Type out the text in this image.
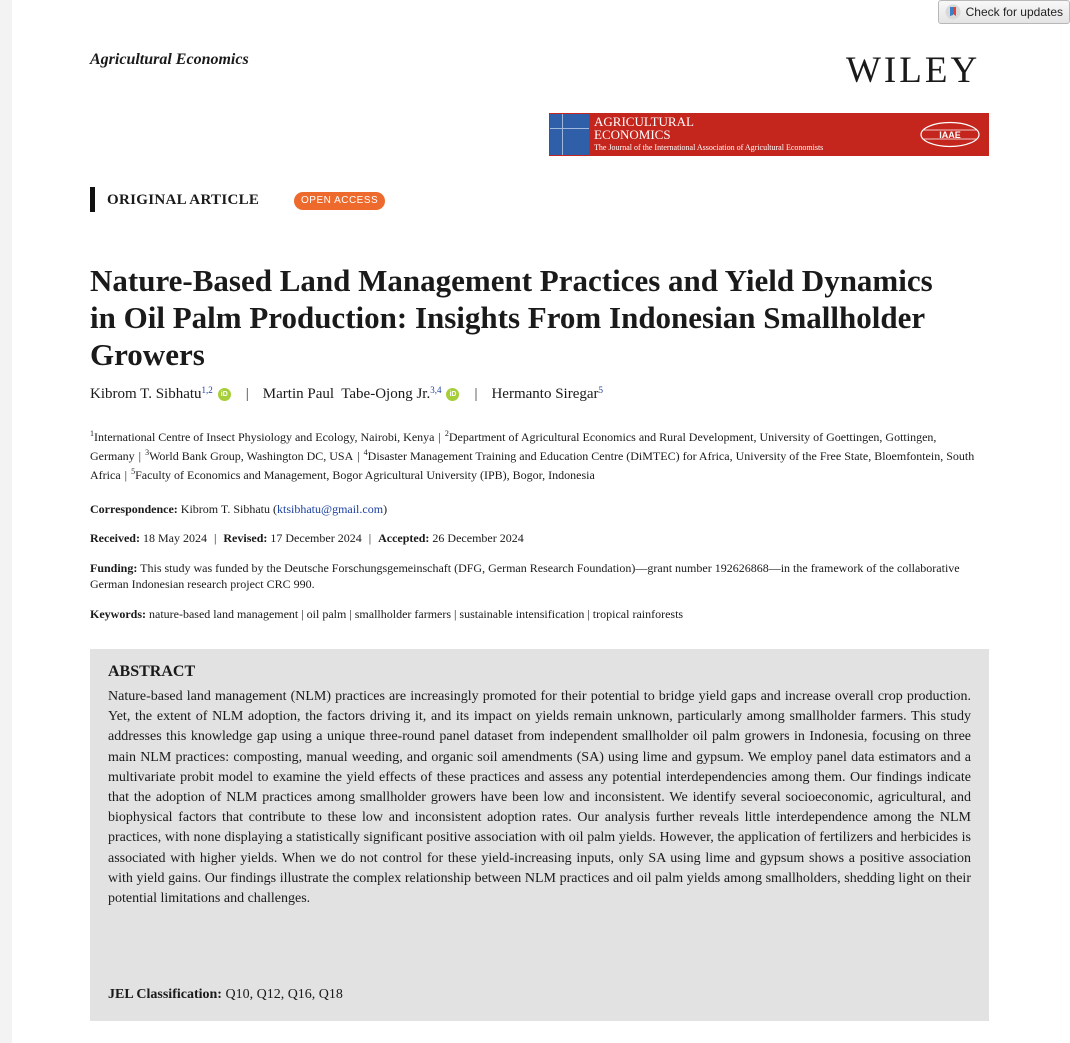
Check for updates
Agricultural Economics	WILEY
AGRICULTURAL
ECONOMICS
The Journal of the International Association of Agricultural Economists
IAAE
ORIGINAL ARTICLE	OPEN ACCESS
Nature-Based Land Management Practices and Yield Dynamics in Oil Palm Production: Insights From Indonesian Smallholder Growers
Kibrom T. Sibhatu$^{1,2}$	iD | Martin Paul  Tabe-Ojong Jr.$^{3,4}$	iD | Hermanto Siregar$^5$
$^1$International Centre of Insect Physiology and Ecology, Nairobi, Kenya | $^2$Department of Agricultural Economics and Rural Development, University of Goettingen, Gottingen, Germany | $^3$World Bank Group, Washington DC, USA | $^4$Disaster Management Training and Education Centre (DiMTEC) for Africa, University of the Free State, Bloemfontein, South Africa | $^5$Faculty of Economics and Management, Bogor Agricultural University (IPB), Bogor, Indonesia
Correspondence: Kibrom T. Sibhatu (ktsibhatu@gmail.com)
Received: 18 May 2024 | Revised: 17 December 2024 | Accepted: 26 December 2024
Funding: This study was funded by the Deutsche Forschungsgemeinschaft (DFG, German Research Foundation)—grant number 192626868—in the framework of the collaborative German Indonesian research project CRC 990.
Keywords: nature-based land management | oil palm | smallholder farmers | sustainable intensification | tropical rainforests
ABSTRACT

Nature-based land management (NLM) practices are increasingly promoted for their potential to bridge yield gaps and increase overall crop production. Yet, the extent of NLM adoption, the factors driving it, and its impact on yields remain unknown, particularly among smallholder farmers. This study addresses this knowledge gap using a unique three-round panel dataset from independent smallholder oil palm growers in Indonesia, focusing on three main NLM practices: composting, manual weeding, and organic soil amendments (SA) using lime and gypsum. We employ panel data estimators and a multivariate probit model to examine the yield effects of these practices and assess any potential interdependencies among them. Our findings indicate that the adoption of NLM practices among smallholder growers have been low and inconsistent. We identify several socioeconomic, agricultural, and biophysical factors that contribute to these low and inconsistent adoption rates. Our analysis further reveals little interdependence among the NLM practices, with none displaying a statistically significant positive association with oil palm yields. However, the application of fertilizers and herbicides is associated with higher yields. When we do not control for these yield-increasing inputs, only SA using lime and gypsum shows a positive association with yield gains. Our findings illustrate the complex relationship between NLM practices and oil palm yields among smallholders, shedding light on their potential limitations and challenges.

JEL Classification: Q10, Q12, Q16, Q18
